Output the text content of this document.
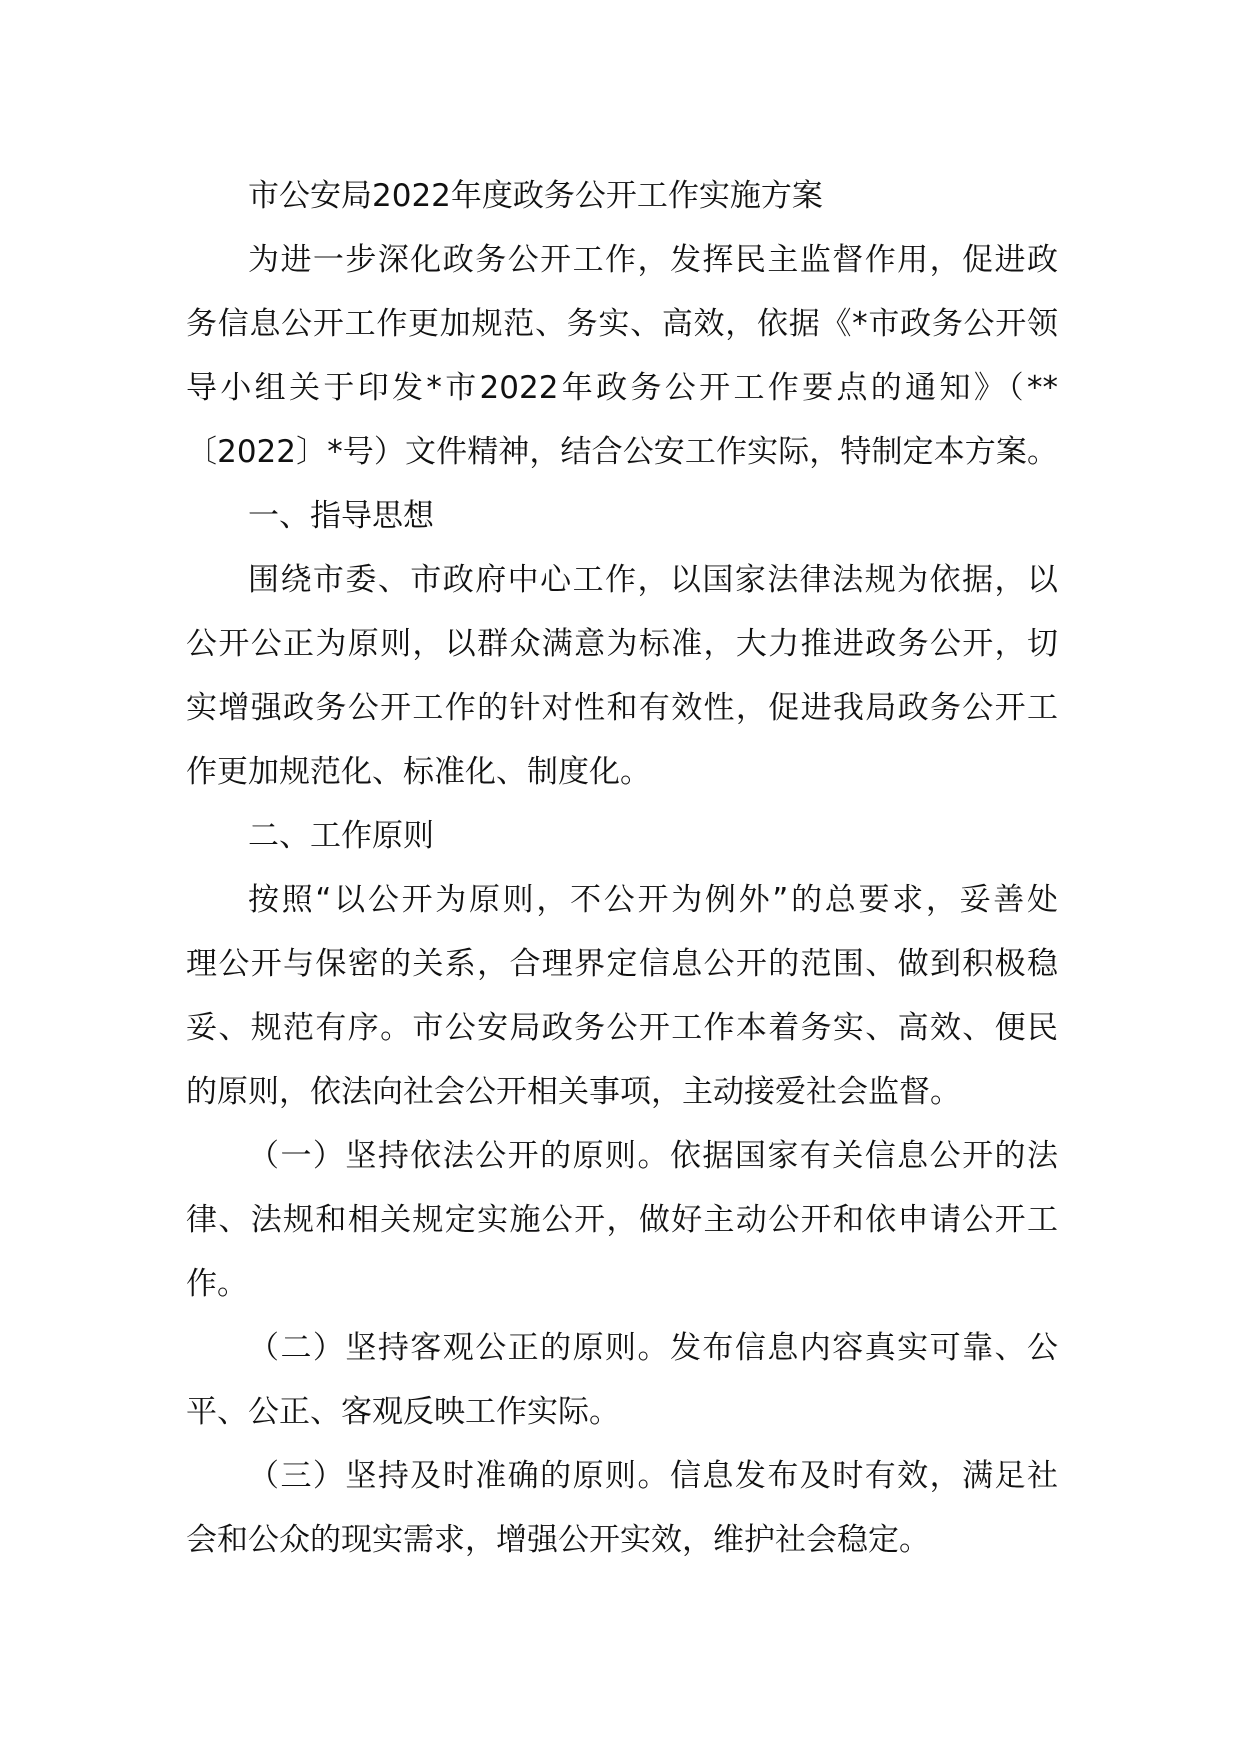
市公安局2022年度政务公开工作实施方案
为进一步深化政务公开工作，发挥民主监督作用，促进政
务信息公开工作更加规范、务实、高效，依据《*市政务公开领
导小组关于印发*市2022年政务公开工作要点的通知》（**
〔2022〕*号）文件精神，结合公安工作实际，特制定本方案。
一、指导思想
围绕市委、市政府中心工作，以国家法律法规为依据，以
公开公正为原则，以群众满意为标准，大力推进政务公开，切
实增强政务公开工作的针对性和有效性，促进我局政务公开工
作更加规范化、标准化、制度化。
二、工作原则
按照“以公开为原则，不公开为例外”的总要求，妥善处
理公开与保密的关系，合理界定信息公开的范围、做到积极稳
妥、规范有序。市公安局政务公开工作本着务实、高效、便民
的原则，依法向社会公开相关事项，主动接爱社会监督。
（一）坚持依法公开的原则。依据国家有关信息公开的法
律、法规和相关规定实施公开，做好主动公开和依申请公开工
作。
（二）坚持客观公正的原则。发布信息内容真实可靠、公
平、公正、客观反映工作实际。
（三）坚持及时准确的原则。信息发布及时有效，满足社
会和公众的现实需求，增强公开实效，维护社会稳定。
